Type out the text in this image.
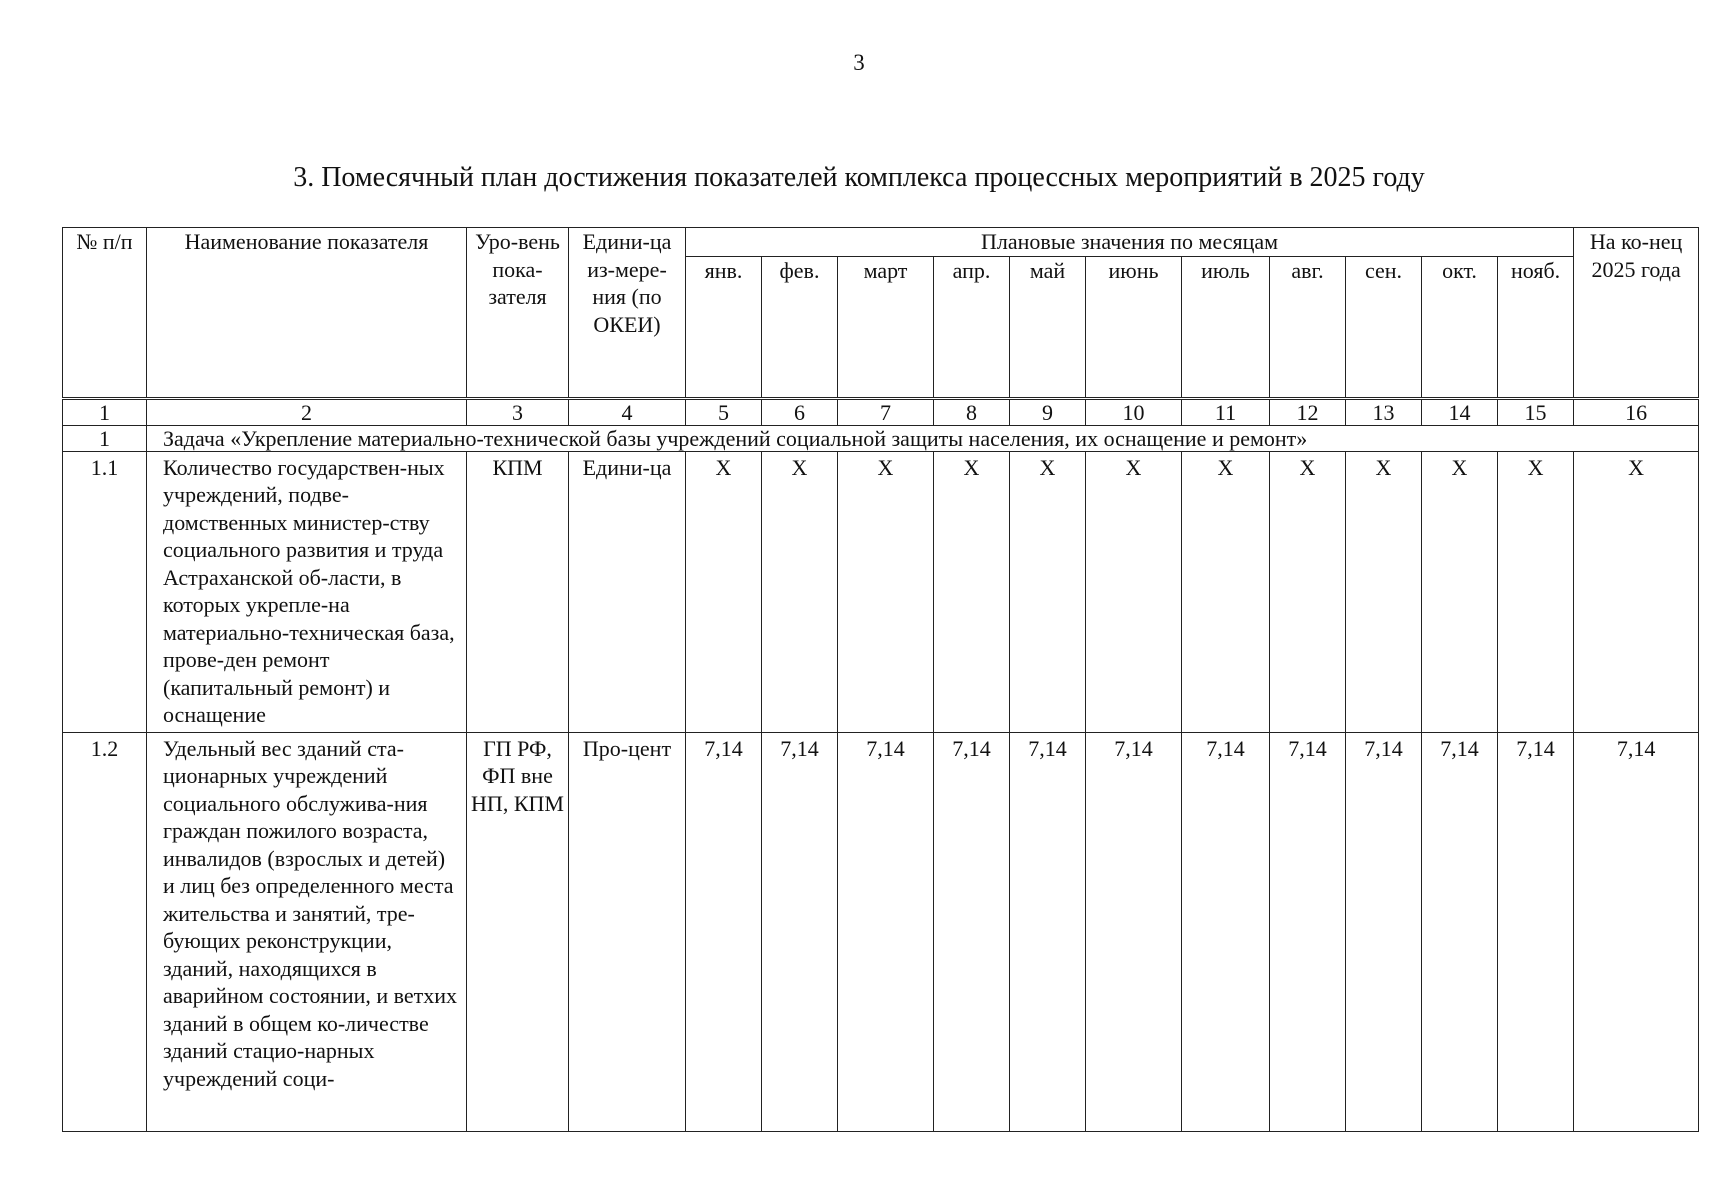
3
3. Помесячный план достижения показателей комплекса процессных мероприятий в 2025 году
№ п/п	Наименование показателя	Уро-вень пока-зателя	Едини-ца из-мере-ния (по ОКЕИ)	Плановые значения по месяцам											На ко-нец 2025 года
				янв.	фев.	март	апр.	май	июнь	июль	авг.	сен.	окт.	нояб.	
1	2	3	4	5	6	7	8	9	10	11	12	13	14	15	16
1	Задача «Укрепление материально-технической базы учреждений социальной защиты населения, их оснащение и ремонт»														
1.1	Количество государствен-ных учреждений, подве-домственных министер-ству социального развития и труда Астраханской об-ласти, в которых укрепле-на материально-техническая база, прове-ден ремонт (капитальный ремонт) и оснащение	КПМ	Едини-ца	Х	Х	Х	Х	Х	Х	Х	Х	Х	Х	Х	Х
1.2	Удельный вес зданий ста-ционарных учреждений социального обслужива-ния граждан пожилого возраста, инвалидов (взрослых и детей) и лиц без определенного места жительства и занятий, тре-бующих реконструкции, зданий, находящихся в аварийном состоянии, и ветхих зданий в общем ко-личестве зданий стацио-нарных учреждений соци-	ГП РФ, ФП вне НП, КПМ	Про-цент	7,14	7,14	7,14	7,14	7,14	7,14	7,14	7,14	7,14	7,14	7,14	7,14
